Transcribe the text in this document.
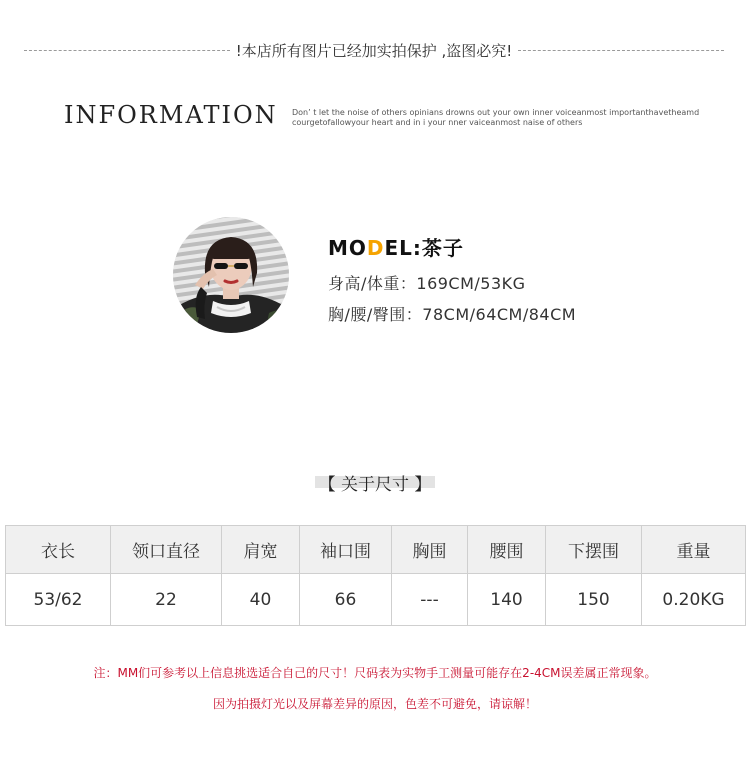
!本店所有图片已经加实拍保护 ,盗图必究!
INFORMATION Don’ t let the noise of others opinians drowns out your own inner voiceanmost importanthavetheamd
courgetofallowyour heart and in i your nner vaiceanmost naise of others
MODEL:茶子
身高/体重：169CM/53KG
胸/腰/臀围：78CM/64CM/84CM
【 关于尺寸 】
衣长	领口直径	肩宽	袖口围	胸围	腰围	下摆围	重量
53/62	22	40	66	---	140	150	0.20KG
注：MM们可参考以上信息挑选适合自己的尺寸！尺码表为实物手工测量可能存在2-4CM误差属正常现象。
因为拍摄灯光以及屏幕差异的原因，色差不可避免，请谅解！
